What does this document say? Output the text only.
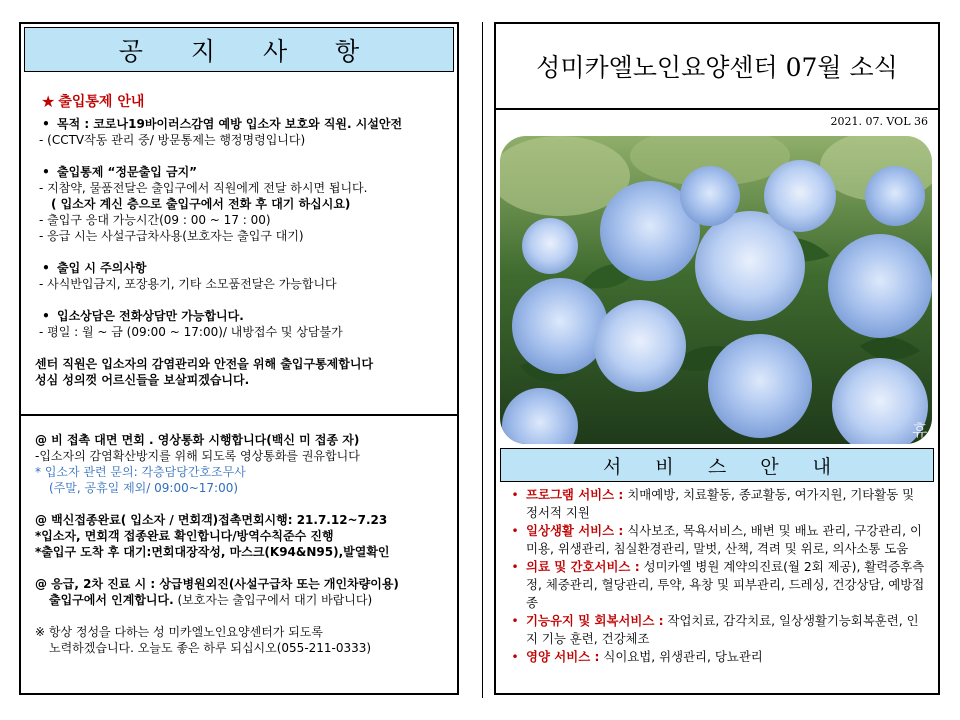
공 지 사 항
★ 출입통제 안내
• 목적 : 코로나19바이러스감염 예방 입소자 보호와 직원. 시설안전
- (CCTV작동 관리 중/ 방문통제는 행정명령입니다)
• 출입통제 “정문출입 금지”
- 지참약, 물품전달은 출입구에서 직원에게 전달 하시면 됩니다.
( 입소자 계신 층으로 출입구에서 전화 후 대기 하십시요)
- 출입구 응대 가능시간(09 : 00 ~ 17 : 00)
- 응급 시는 사설구급차사용(보호자는 출입구 대기)
• 출입 시 주의사항
- 사식반입금지, 포장용기, 기타 소모품전달은 가능합니다
• 입소상담은 전화상담만 가능합니다.
- 평일 : 월 ~ 금 (09:00 ~ 17:00)/ 내방접수 및 상담불가
센터 직원은 입소자의 감염관리와 안전을 위해 출입구통제합니다
성심 성의껏 어르신들을 보살피겠습니다.
@ 비 접촉 대면 면회 . 영상통화 시행합니다(백신 미 접종 자)
-입소자의 감염확산방지를 위해 되도록 영상통화를 권유합니다
* 입소자 관련 문의: 각층담당간호조무사
(주말, 공휴일 제외/ 09:00~17:00)
@ 백신접종완료( 입소자 / 면회객)접촉면회시행: 21.7.12~7.23
*입소자, 면회객 접종완료 확인합니다/방역수칙준수 진행
*출입구 도착 후 대기:면회대장작성, 마스크(K94&N95),발열확인
@ 응급, 2차 진료 시 : 상급병원외진(사설구급차 또는 개인차량이용)
출입구에서 인계합니다. (보호자는 출입구에서 대기 바랍니다)
※ 항상 정성을 다하는 성 미카엘노인요양센터가 되도록
노력하겠습니다. 오늘도 좋은 하루 되십시오(055-211-0333)
성미카엘노인요양센터 07월 소식
2021. 07. VOL 36
휴
서 비 스 안 내
• 프로그램 서비스 : 치매예방, 치료활동, 종교활동, 여가지원, 기타활동 및 정서적 지원
• 일상생활 서비스 : 식사보조, 목욕서비스, 배변 및 배뇨 관리, 구강관리, 이미용, 위생관리, 침실환경관리, 말벗, 산책, 격려 및 위로, 의사소통 도움
• 의료 및 간호서비스 : 성미카엘 병원 계약의진료(월 2회 제공), 활력증후측정, 체중관리, 혈당관리, 투약, 욕창 및 피부관리, 드레싱, 건강상담, 예방접종
• 기능유지 및 회복서비스 : 작업치료, 감각치료, 일상생활기능회복훈련, 인지 기능 훈련, 건강체조
• 영양 서비스 : 식이요법, 위생관리, 당뇨관리
